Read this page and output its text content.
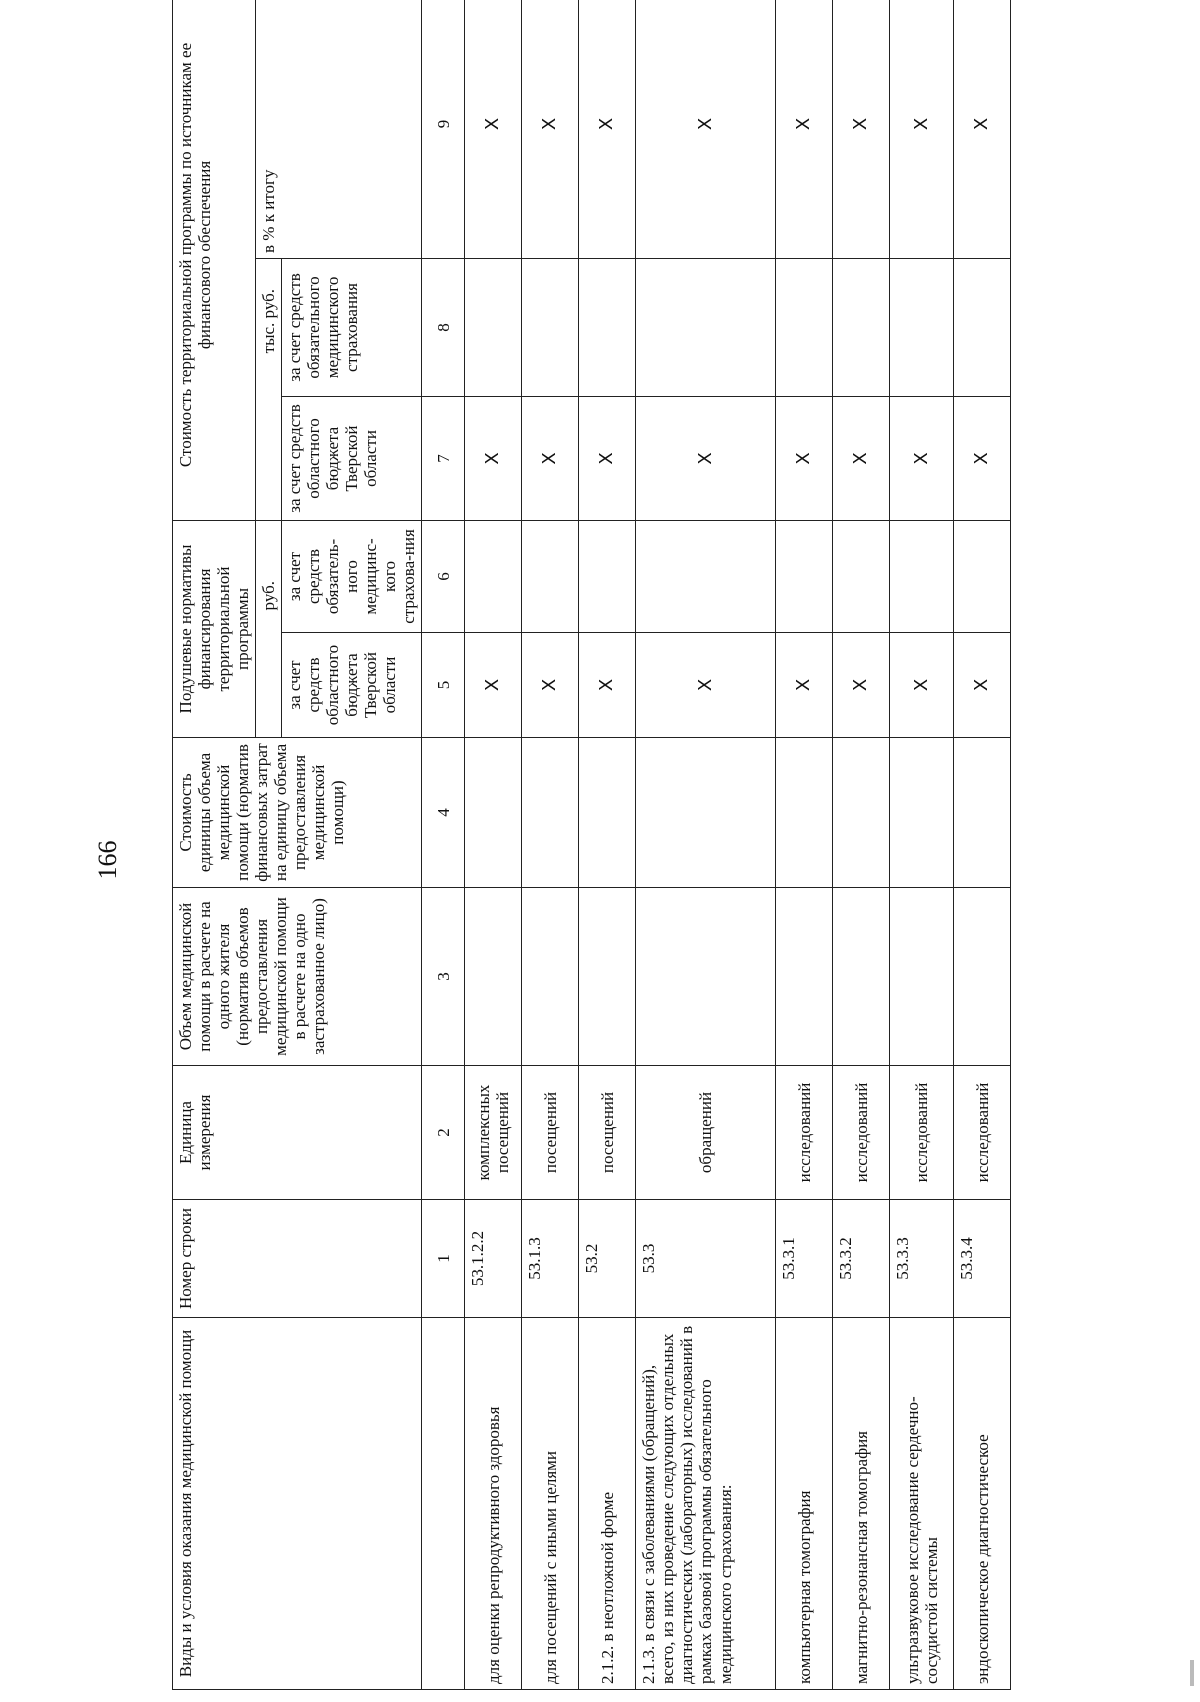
166
Виды и условия оказания медицинской помощи	Номер строки	Единица измерения	Объем медицинской помощи в расчете на одного жителя (норматив объемов предоставления медицинской помощи в расчете на одно застрахованное лицо)	Стоимость единицы объема медицинской помощи (норматив финансовых затрат на единицу объема предоставления медицинской помощи)	Подушевые нормативы финансирования территориальной программы		Стоимость территориальной программы по источникам ее финансового обеспечения		
					руб.		тыс. руб.		в % к итогу
					за счет средств областного бюджета Тверской области	за счет средств обязатель-ного медицинс-кого страхова-ния	за счет средств областного бюджета Тверской области	за счет средств обязательного медицинского страхования	
	1	2	3	4	5	6	7	8	9
для оценки репродуктивного здоровья	53.1.2.2	комплексных посещений			X		X		X
для посещений с иными целями	53.1.3	посещений			X		X		X
2.1.2. в неотложной форме	53.2	посещений			X		X		X
2.1.3. в связи с заболеваниями (обращений), всего, из них проведение следующих отдельных диагностических (лабораторных) исследований в рамках базовой программы обязательного медицинского страхования:	53.3	обращений			X		X		X
компьютерная томография	53.3.1	исследований			X		X		X
магнитно-резонансная томография	53.3.2	исследований			X		X		X
ультразвуковое исследование сердечно-сосудистой системы	53.3.3	исследований			X		X		X
эндоскопическое диагностическое	53.3.4	исследований			X		X		X
